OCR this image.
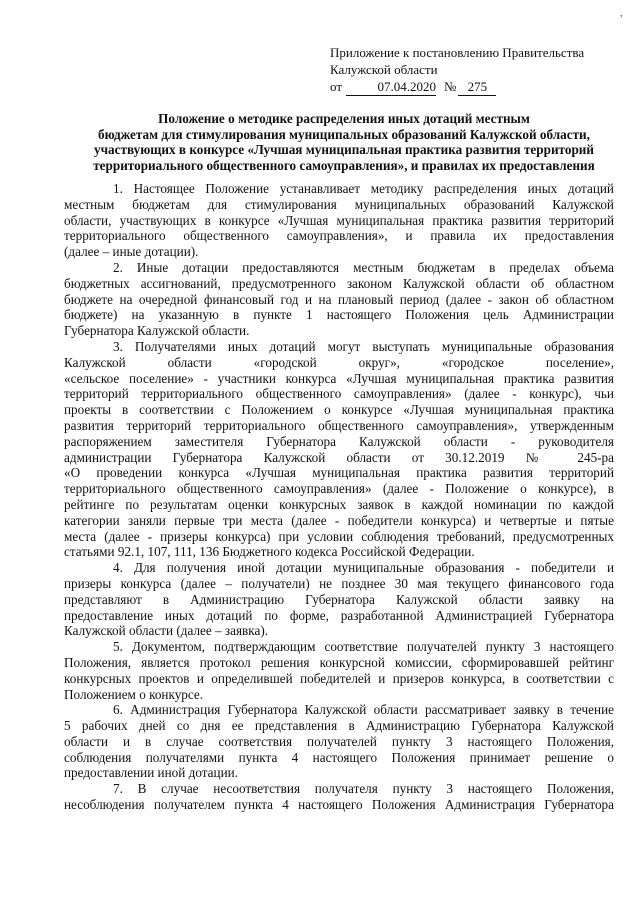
,
Приложение к постановлению Правительства
Калужской области
от	07.04.2020 № 275
Положение о методике распределения иных дотаций местным
бюджетам для стимулирования муниципальных образований Калужской области,
участвующих в конкурсе «Лучшая муниципальная практика развития территорий
территориального общественного самоуправления», и правилах их предоставления
1. Настоящее Положение устанавливает методику распределения иных дотаций
местным бюджетам для стимулирования муниципальных образований Калужской
области, участвующих в конкурсе «Лучшая муниципальная практика развития территорий
территориального общественного самоуправления», и правила их предоставления
(далее – иные дотации).
2. Иные дотации предоставляются местным бюджетам в пределах объема
бюджетных ассигнований, предусмотренного законом Калужской области об областном
бюджете на очередной финансовый год и на плановый период (далее - закон об областном
бюджете) на указанную в пункте 1 настоящего Положения цель Администрации
Губернатора Калужской области.
3. Получателями иных дотаций могут выступать муниципальные образования
Калужской области «городской округ», «городское поселение»,
«сельское поселение» - участники конкурса «Лучшая муниципальная практика развития
территорий территориального общественного самоуправления» (далее - конкурс), чьи
проекты в соответствии с Положением о конкурсе «Лучшая муниципальная практика
развития территорий территориального общественного самоуправления», утвержденным
распоряжением заместителя Губернатора Калужской области - руководителя
администрации Губернатора Калужской области от 30.12.2019 № 245-ра
«О проведении конкурса «Лучшая муниципальная практика развития территорий
территориального общественного самоуправления» (далее - Положение о конкурсе), в
рейтинге по результатам оценки конкурсных заявок в каждой номинации по каждой
категории заняли первые три места (далее - победители конкурса) и четвертые и пятые
места (далее - призеры конкурса) при условии соблюдения требований, предусмотренных
статьями 92.1, 107, 111, 136 Бюджетного кодекса Российской Федерации.
4. Для получения иной дотации муниципальные образования - победители и
призеры конкурса (далее – получатели) не позднее 30 мая текущего финансового года
представляют в Администрацию Губернатора Калужской области заявку на
предоставление иных дотаций по форме, разработанной Администрацией Губернатора
Калужской области (далее – заявка).
5. Документом, подтверждающим соответствие получателей пункту 3 настоящего
Положения, является протокол решения конкурсной комиссии, сформировавшей рейтинг
конкурсных проектов и определившей победителей и призеров конкурса, в соответствии с
Положением о конкурсе.
6. Администрация Губернатора Калужской области рассматривает заявку в течение
5 рабочих дней со дня ее представления в Администрацию Губернатора Калужской
области и в случае соответствия получателей пункту 3 настоящего Положения,
соблюдения получателями пункта 4 настоящего Положения принимает решение о
предоставлении иной дотации.
7. В случае несоответствия получателя пункту 3 настоящего Положения,
несоблюдения получателем пункта 4 настоящего Положения Администрация Губернатора
